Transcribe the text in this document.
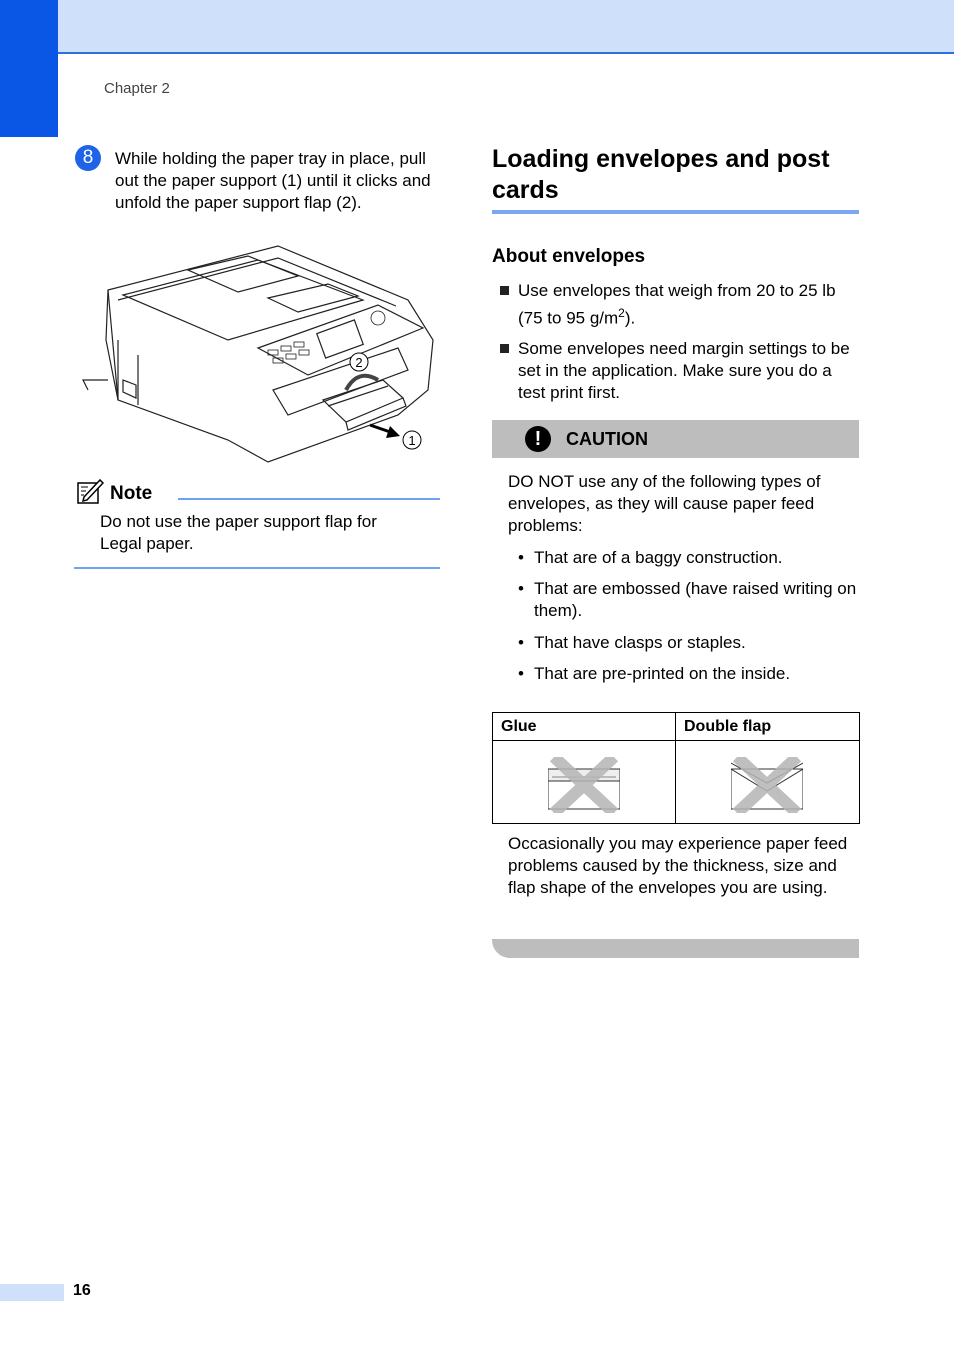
Chapter 2
8	While holding the paper tray in place, pull out the paper support (1) until it clicks and unfold the paper support flap (2).
1
2
Note
Do not use the paper support flap for Legal paper.
Loading envelopes and post cards
About envelopes
Use envelopes that weigh from 20 to 25 lb (75 to 95 $g/m^2$).
Some envelopes need margin settings to be set in the application. Make sure you do a test print first.
!	CAUTION
DO NOT use any of the following types of envelopes, as they will cause paper feed problems:
• That are of a baggy construction.
• That are embossed (have raised writing on them).
• That have clasps or staples.
• That are pre-printed on the inside.
Glue	Double flap
Occasionally you may experience paper feed problems caused by the thickness, size and flap shape of the envelopes you are using.
16
